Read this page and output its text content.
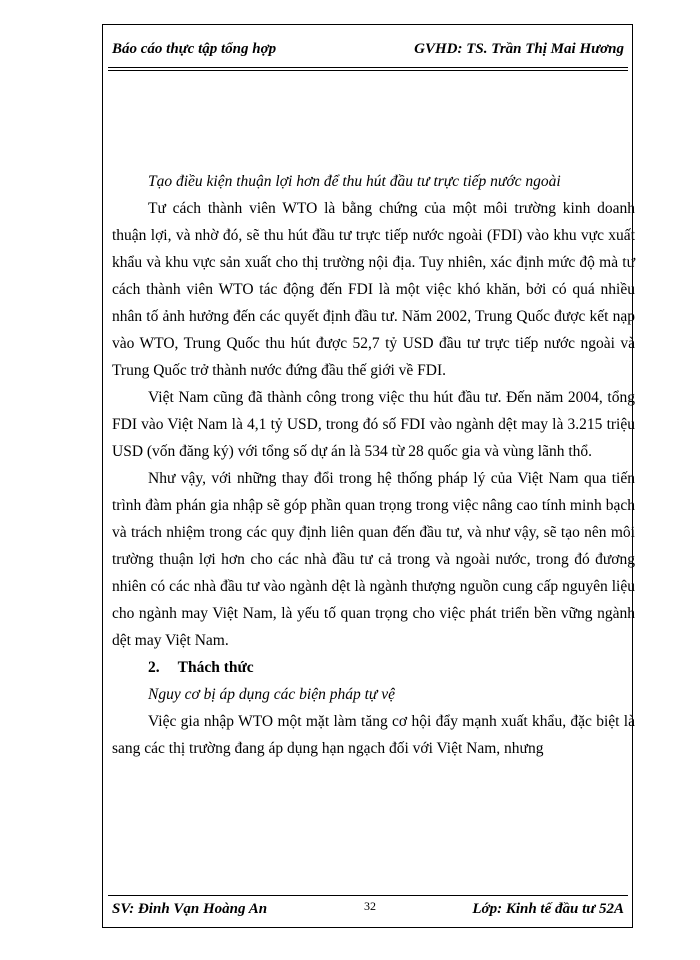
Báo cáo thực tập tổng hợp	GVHD: TS. Trần Thị Mai Hương

Tạo điều kiện thuận lợi hơn để thu hút đầu tư trực tiếp nước ngoài

Tư cách thành viên WTO là bằng chứng của một môi trường kinh doanh thuận lợi, và nhờ đó, sẽ thu hút đầu tư trực tiếp nước ngoài (FDI) vào khu vực xuất khẩu và khu vực sản xuất cho thị trường nội địa. Tuy nhiên, xác định mức độ mà tư cách thành viên WTO tác động đến FDI là một việc khó khăn, bởi có quá nhiều nhân tố ảnh hưởng đến các quyết định đầu tư. Năm 2002, Trung Quốc được kết nạp vào WTO, Trung Quốc thu hút được 52,7 tỷ USD đầu tư trực tiếp nước ngoài và Trung Quốc trở thành nước đứng đầu thế giới về FDI.

Việt Nam cũng đã thành công trong việc thu hút đầu tư. Đến năm 2004, tổng FDI vào Việt Nam là 4,1 tỷ USD, trong đó số FDI vào ngành dệt may là 3.215 triệu USD (vốn đăng ký) với tổng số dự án là 534 từ 28 quốc gia và vùng lãnh thổ.

Như vậy, với những thay đổi trong hệ thống pháp lý của Việt Nam qua tiến trình đàm phán gia nhập sẽ góp phần quan trọng trong việc nâng cao tính minh bạch và trách nhiệm trong các quy định liên quan đến đầu tư, và như vậy, sẽ tạo nên môi trường thuận lợi hơn cho các nhà đầu tư cả trong và ngoài nước, trong đó đương nhiên có các nhà đầu tư vào ngành dệt là ngành thượng nguồn cung cấp nguyên liệu cho ngành may Việt Nam, là yếu tố quan trọng cho việc phát triển bền vững ngành dệt may Việt Nam.

2. Thách thức

Nguy cơ bị áp dụng các biện pháp tự vệ

Việc gia nhập WTO một mặt làm tăng cơ hội đẩy mạnh xuất khẩu, đặc biệt là sang các thị trường đang áp dụng hạn ngạch đối với Việt Nam, nhưng

SV: Đinh Vạn Hoàng An	Lớp: Kinh tế đầu tư 52A
32
